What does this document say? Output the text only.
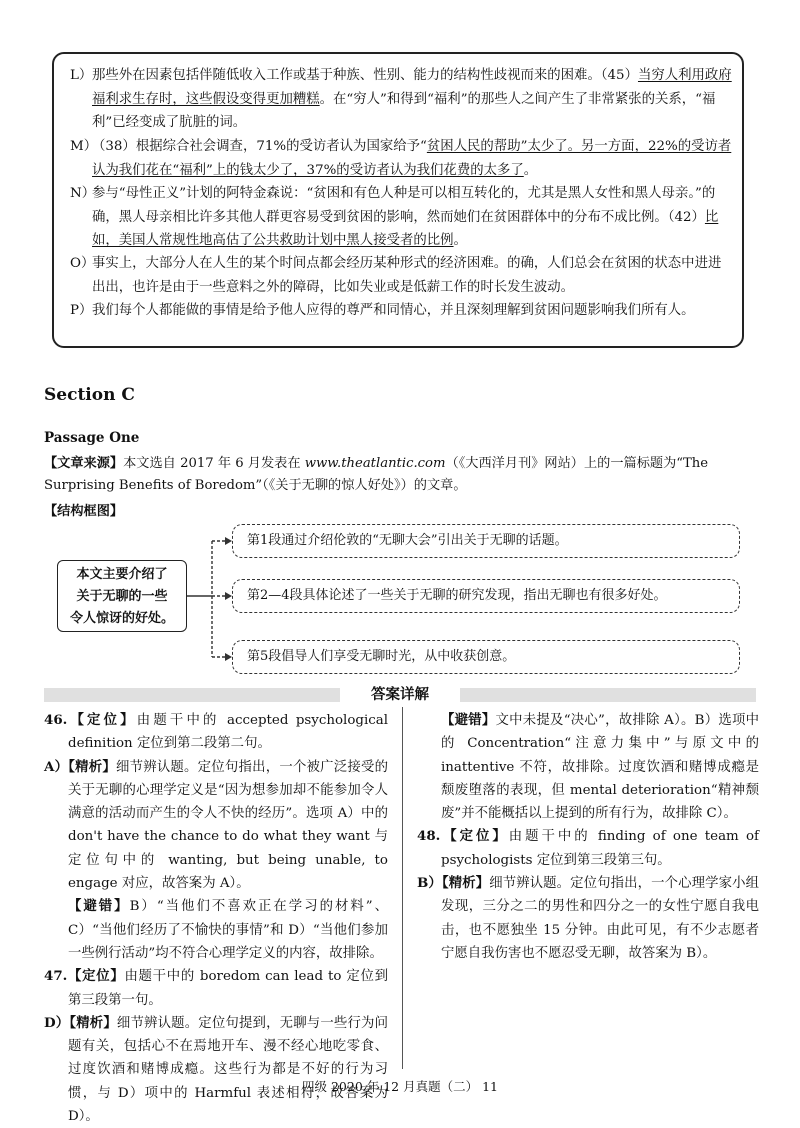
L） 那些外在因素包括伴随低收入工作或基于种族、性别、能力的结构性歧视而来的困难。（45）当穷人利用政府福利求生存时，这些假设变得更加糟糕。在“穷人”和得到“福利”的那些人之间产生了非常紧张的关系，“福利”已经变成了肮脏的词。
M）
（38）根据综合社会调查，71%的受访者认为国家给予“贫困人民的帮助”太少了。另一方面，22%的受访者认为我们花在“福利”上的钱太少了，37%的受访者认为我们花费的太多了。
N）
参与“母性正义”计划的阿特金森说：“贫困和有色人种是可以相互转化的，尤其是黑人女性和黑人母亲。”的确，黑人母亲相比许多其他人群更容易受到贫困的影响，然而她们在贫困群体中的分布不成比例。（42）比如，美国人常规性地高估了公共救助计划中黑人接受者的比例。
O）
事实上，大部分人在人生的某个时间点都会经历某种形式的经济困难。的确，人们总会在贫困的状态中进进出出，也许是由于一些意料之外的障碍，比如失业或是低薪工作的时长发生波动。
P） 我们每个人都能做的事情是给予他人应得的尊严和同情心，并且深刻理解到贫困问题影响我们所有人。
Section C

Passage One

【文章来源】本文选自 2017 年 6 月发表在 www.theatlantic.com（《大西洋月刊》网站）上的一篇标题为“The Surprising Benefits of Boredom”（《关于无聊的惊人好处》）的文章。
【结构框图】
本文主要介绍了
关于无聊的一些
令人惊讶的好处。
第1段通过介绍伦敦的“无聊大会”引出关于无聊的话题。
第2—4段具体论述了一些关于无聊的研究发现，指出无聊也有很多好处。
第5段倡导人们享受无聊时光，从中收获创意。
答案详解

46.【定位】由题干中的 accepted psychological definition 定位到第二段第二句。

A）【精析】细节辨认题。定位句指出，一个被广泛接受的关于无聊的心理学定义是“因为想参加却不能参加令人满意的活动而产生的令人不快的经历”。选项 A）中的 don't have the chance to do what they want 与定位句中的 wanting, but being unable, to engage 对应，故答案为 A）。

【避错】B）“当他们不喜欢正在学习的材料”、C）“当他们经历了不愉快的事情”和 D）“当他们参加一些例行活动”均不符合心理学定义的内容，故排除。

47.【定位】由题干中的 boredom can lead to 定位到第三段第一句。

D）【精析】细节辨认题。定位句提到，无聊与一些行为问题有关，包括心不在焉地开车、漫不经心地吃零食、过度饮酒和赌博成瘾。这些行为都是不好的行为习惯，与 D）项中的 Harmful 表述相符，故答案为 D）。

【避错】文中未提及“决心”，故排除 A）。B）选项中的 Concentration“注意力集中”与原文中的 inattentive 不符，故排除。过度饮酒和赌博成瘾是颓废堕落的表现，但 mental deterioration“精神颓废”并不能概括以上提到的所有行为，故排除 C）。

48.【定位】由题干中的 finding of one team of psychologists 定位到第三段第三句。

B）【精析】细节辨认题。定位句指出，一个心理学家小组发现，三分之二的男性和四分之一的女性宁愿自我电击，也不愿独坐 15 分钟。由此可见，有不少志愿者宁愿自我伤害也不愿忍受无聊，故答案为 B）。

四级 2020 年 12 月真题（二） 11
